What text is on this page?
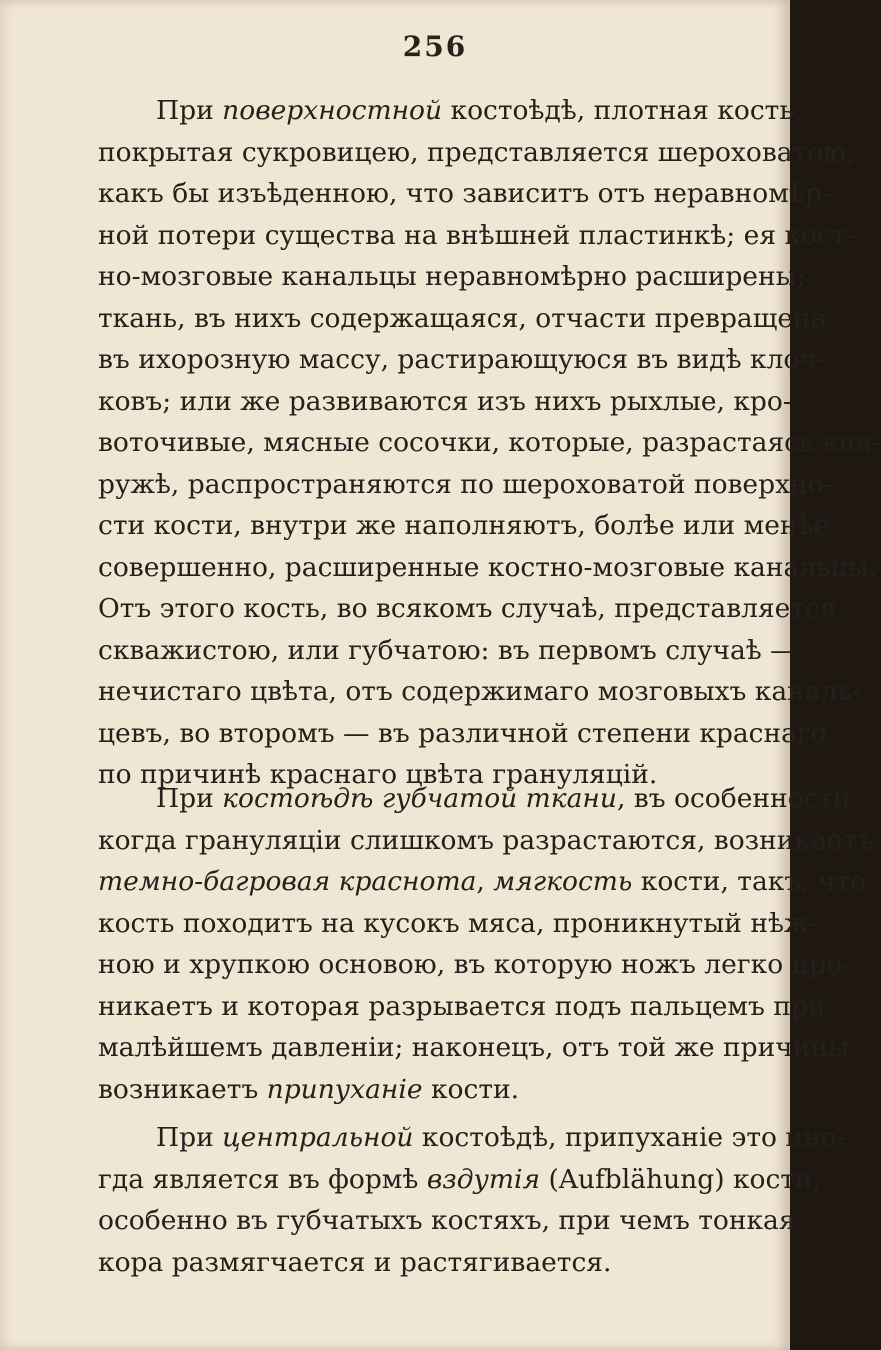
256
При поверхностной костоѣдѣ, плотная кость,
покрытая сукровицею, представляется шероховатою,
какъ бы изъѣденною, что зависитъ отъ неравномѣр-
ной потери существа на внѣшней пластинкѣ; ея кост-
но-мозговые канальцы неравномѣрно расширены;
ткань, въ нихъ содержащаяся, отчасти превращена
въ ихорозную массу, растирающуюся въ видѣ клоч-
ковъ; или же развиваются изъ нихъ рыхлые, кро-
воточивые, мясные сосочки, которые, разрастаясь кна-
ружѣ, распространяются по шероховатой поверхно-
сти кости, внутри же наполняютъ, болѣе или менѣе
совершенно, расширенные костно-мозговые канальцы.
Отъ этого кость, во всякомъ случаѣ, представляется
скважистою, или губчатою: въ первомъ случаѣ —
нечистаго цвѣта, отъ содержимаго мозговыхъ каналь-
цевъ, во второмъ — въ различной степени краснаго
по причинѣ краснаго цвѣта грануляцій.
При костоѣдѣ губчатой ткани, въ особенности
когда грануляціи слишкомъ разрастаются, возникаетъ
темно-багровая краснота, мягкость кости, такъ, что
кость походитъ на кусокъ мяса, проникнутый нѣж-
ною и хрупкою основою, въ которую ножъ легко про-
никаетъ и которая разрывается подъ пальцемъ при
малѣйшемъ давленіи; наконецъ, отъ той же причины
возникаетъ припуханіе кости.
При центральной костоѣдѣ, припуханіе это ино-
гда является въ формѣ вздутія (Aufblähung) кости,
особенно въ губчатыхъ костяхъ, при чемъ тонкая
кора размягчается и растягивается.
